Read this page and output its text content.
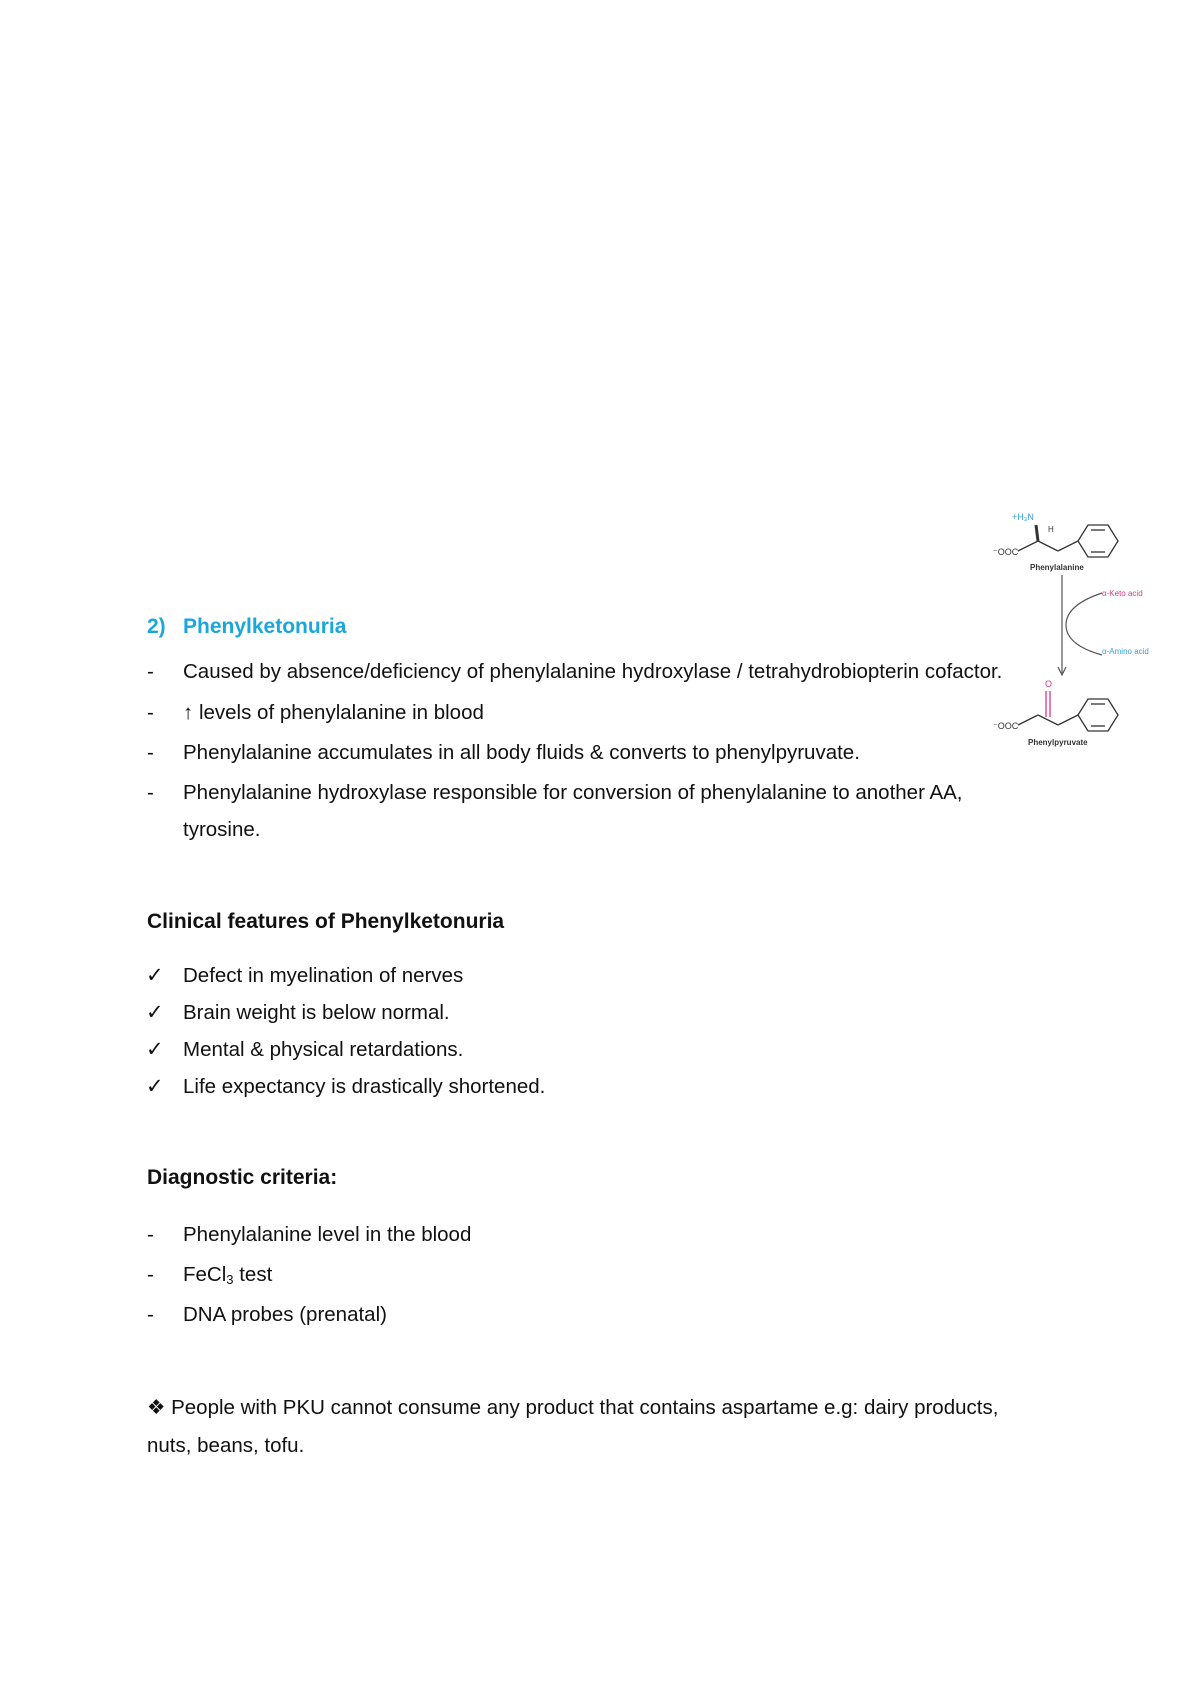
2) Phenylketonuria
- Caused by absence/deficiency of phenylalanine hydroxylase / tetrahydrobiopterin cofactor.
- ↑ levels of phenylalanine in blood
- Phenylalanine accumulates in all body fluids & converts to phenylpyruvate.
- Phenylalanine hydroxylase responsible for conversion of phenylalanine to another AA,
tyrosine.
Clinical features of Phenylketonuria
✓ Defect in myelination of nerves
✓ Brain weight is below normal.
✓ Mental & physical retardations.
✓ Life expectancy is drastically shortened.
Diagnostic criteria:
- Phenylalanine level in the blood
- FeCl$_3$ test
- DNA probes (prenatal)
❖ People with PKU cannot consume any product that contains aspartame e.g: dairy products,
nuts, beans, tofu.
+H₃N
H
⁻OOC
Phenylalanine
α-Keto acid
α-Amino acid
O
⁻OOC
Phenylpyruvate
